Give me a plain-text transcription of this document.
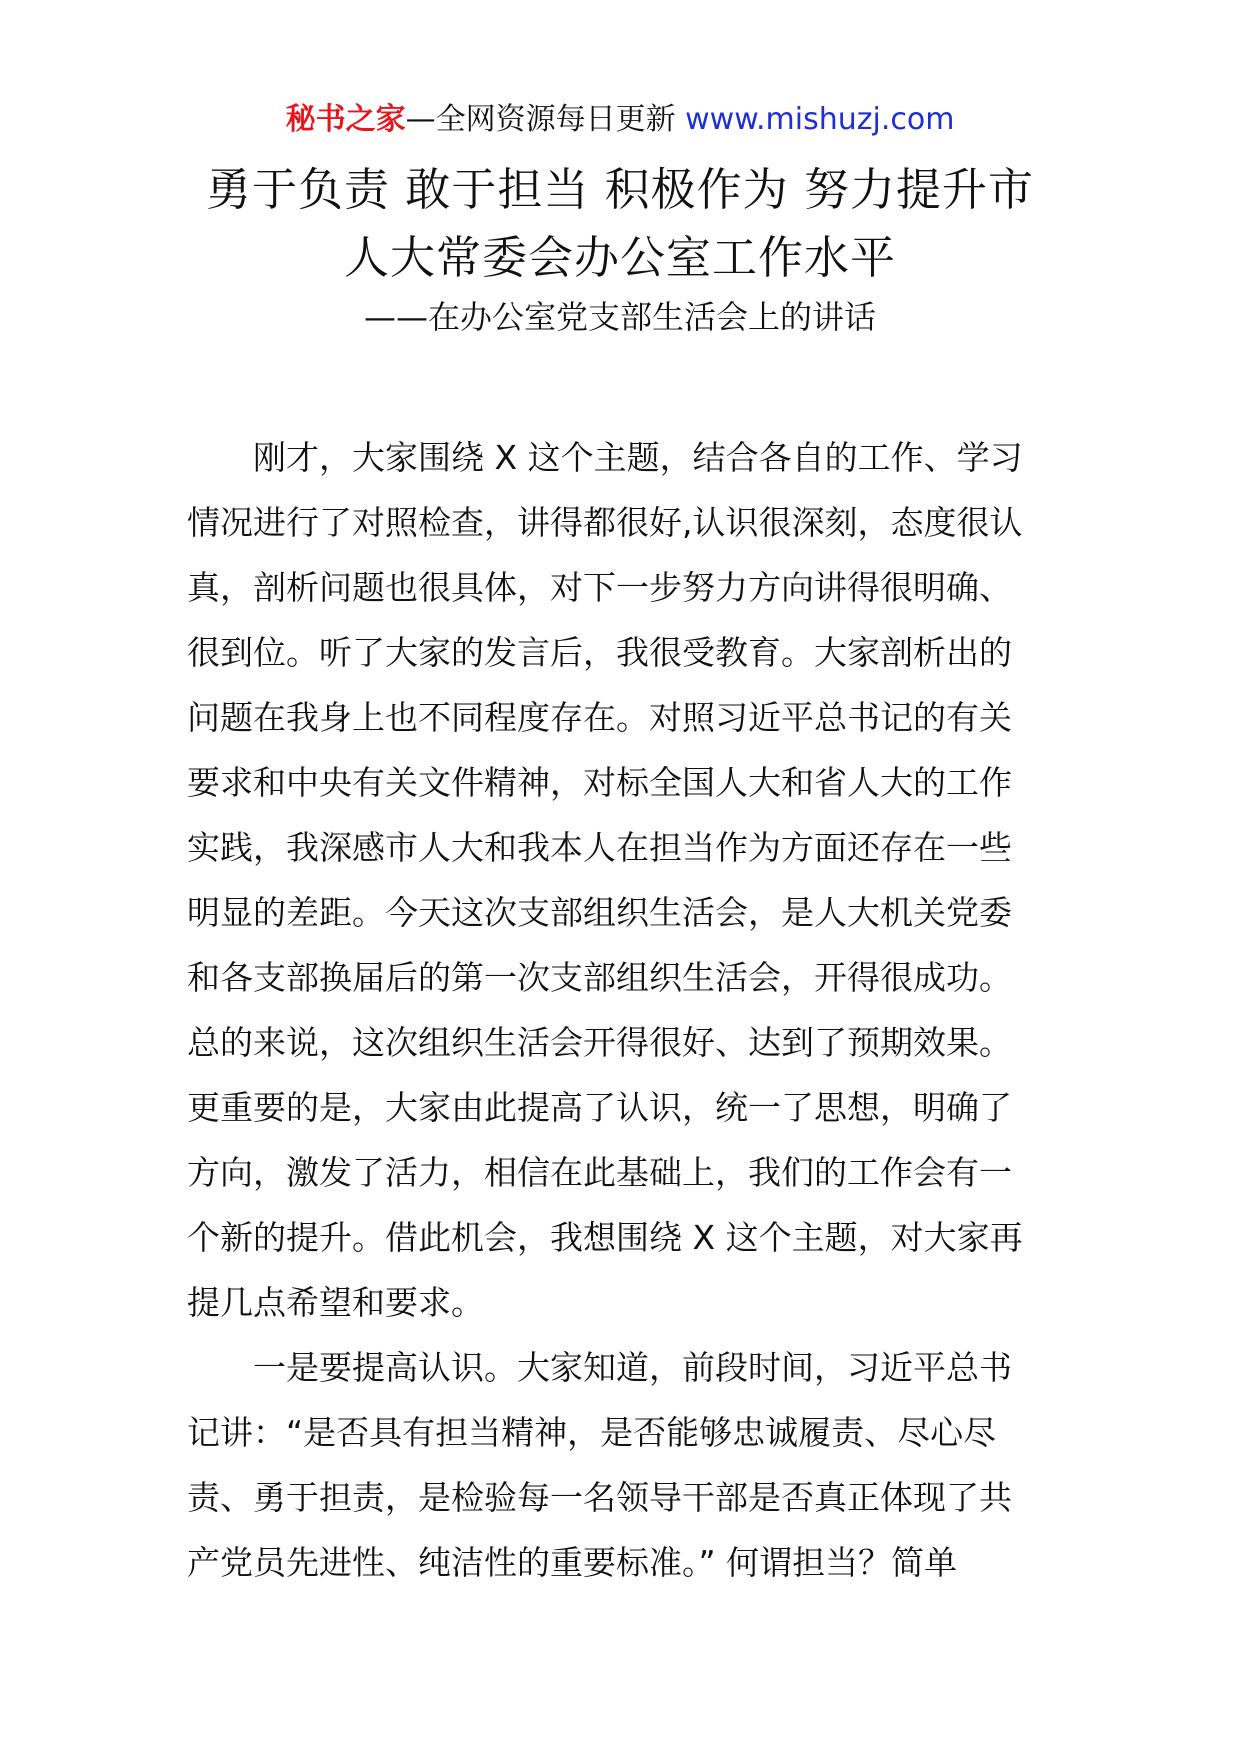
秘书之家—全网资源每日更新 www.mishuzj.com
勇于负责 敢于担当 积极作为 努力提升市
人大常委会办公室工作水平
——在办公室党支部生活会上的讲话
刚才，大家围绕 X 这个主题，结合各自的工作、学习
情况进行了对照检查，讲得都很好,认识很深刻，态度很认
真，剖析问题也很具体，对下一步努力方向讲得很明确、
很到位。听了大家的发言后，我很受教育。大家剖析出的
问题在我身上也不同程度存在。对照习近平总书记的有关
要求和中央有关文件精神，对标全国人大和省人大的工作
实践，我深感市人大和我本人在担当作为方面还存在一些
明显的差距。今天这次支部组织生活会，是人大机关党委
和各支部换届后的第一次支部组织生活会，开得很成功。
总的来说，这次组织生活会开得很好、达到了预期效果。
更重要的是，大家由此提高了认识，统一了思想，明确了
方向，激发了活力，相信在此基础上，我们的工作会有一
个新的提升。借此机会，我想围绕 X 这个主题，对大家再
提几点希望和要求。
一是要提高认识。大家知道，前段时间，习近平总书
记讲：“是否具有担当精神，是否能够忠诚履责、尽心尽
责、勇于担责，是检验每一名领导干部是否真正体现了共
产党员先进性、纯洁性的重要标准。” 何谓担当？简单
